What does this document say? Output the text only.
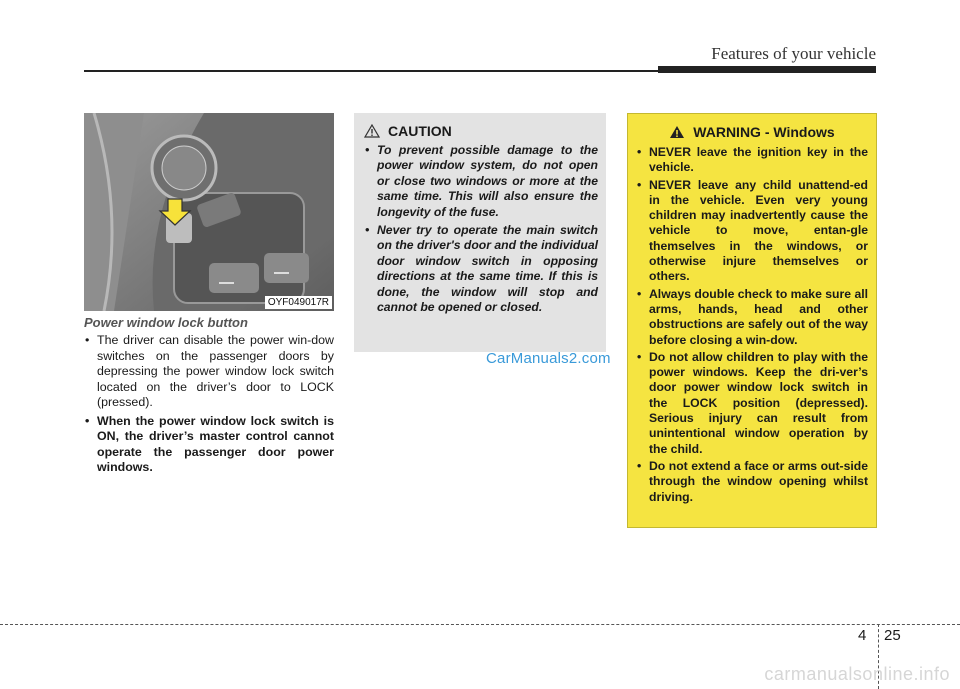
Features of your vehicle
OYF049017R
Power window lock button
• The driver can disable the power win-dow switches on the passenger doors by depressing the power window lock switch located on the driver’s door to LOCK (pressed).
• When the power window lock switch is ON, the driver’s master control cannot operate the passenger door power windows.
CAUTION
• To prevent possible damage to the power window system, do not open or close two windows or more at the same time. This will also ensure the longevity of the fuse.
• Never try to operate the main switch on the driver's door and the individual door window switch in opposing directions at the same time. If this is done, the window will stop and cannot be opened or closed.
CarManuals2.com
WARNING - Windows
• NEVER leave the ignition key in the vehicle.
• NEVER leave any child unattend-ed in the vehicle. Even very young children may inadvertently cause the vehicle to move, entan-gle themselves in the windows, or otherwise injure themselves or others.
• Always double check to make sure all arms, hands, head and other obstructions are safely out of the way before closing a win-dow.
• Do not allow children to play with the power windows. Keep the dri-ver’s door power window lock switch in the LOCK position (depressed). Serious injury can result from unintentional window operation by the child.
• Do not extend a face or arms out-side through the window opening whilst driving.
4 25
carmanualsonline.info
